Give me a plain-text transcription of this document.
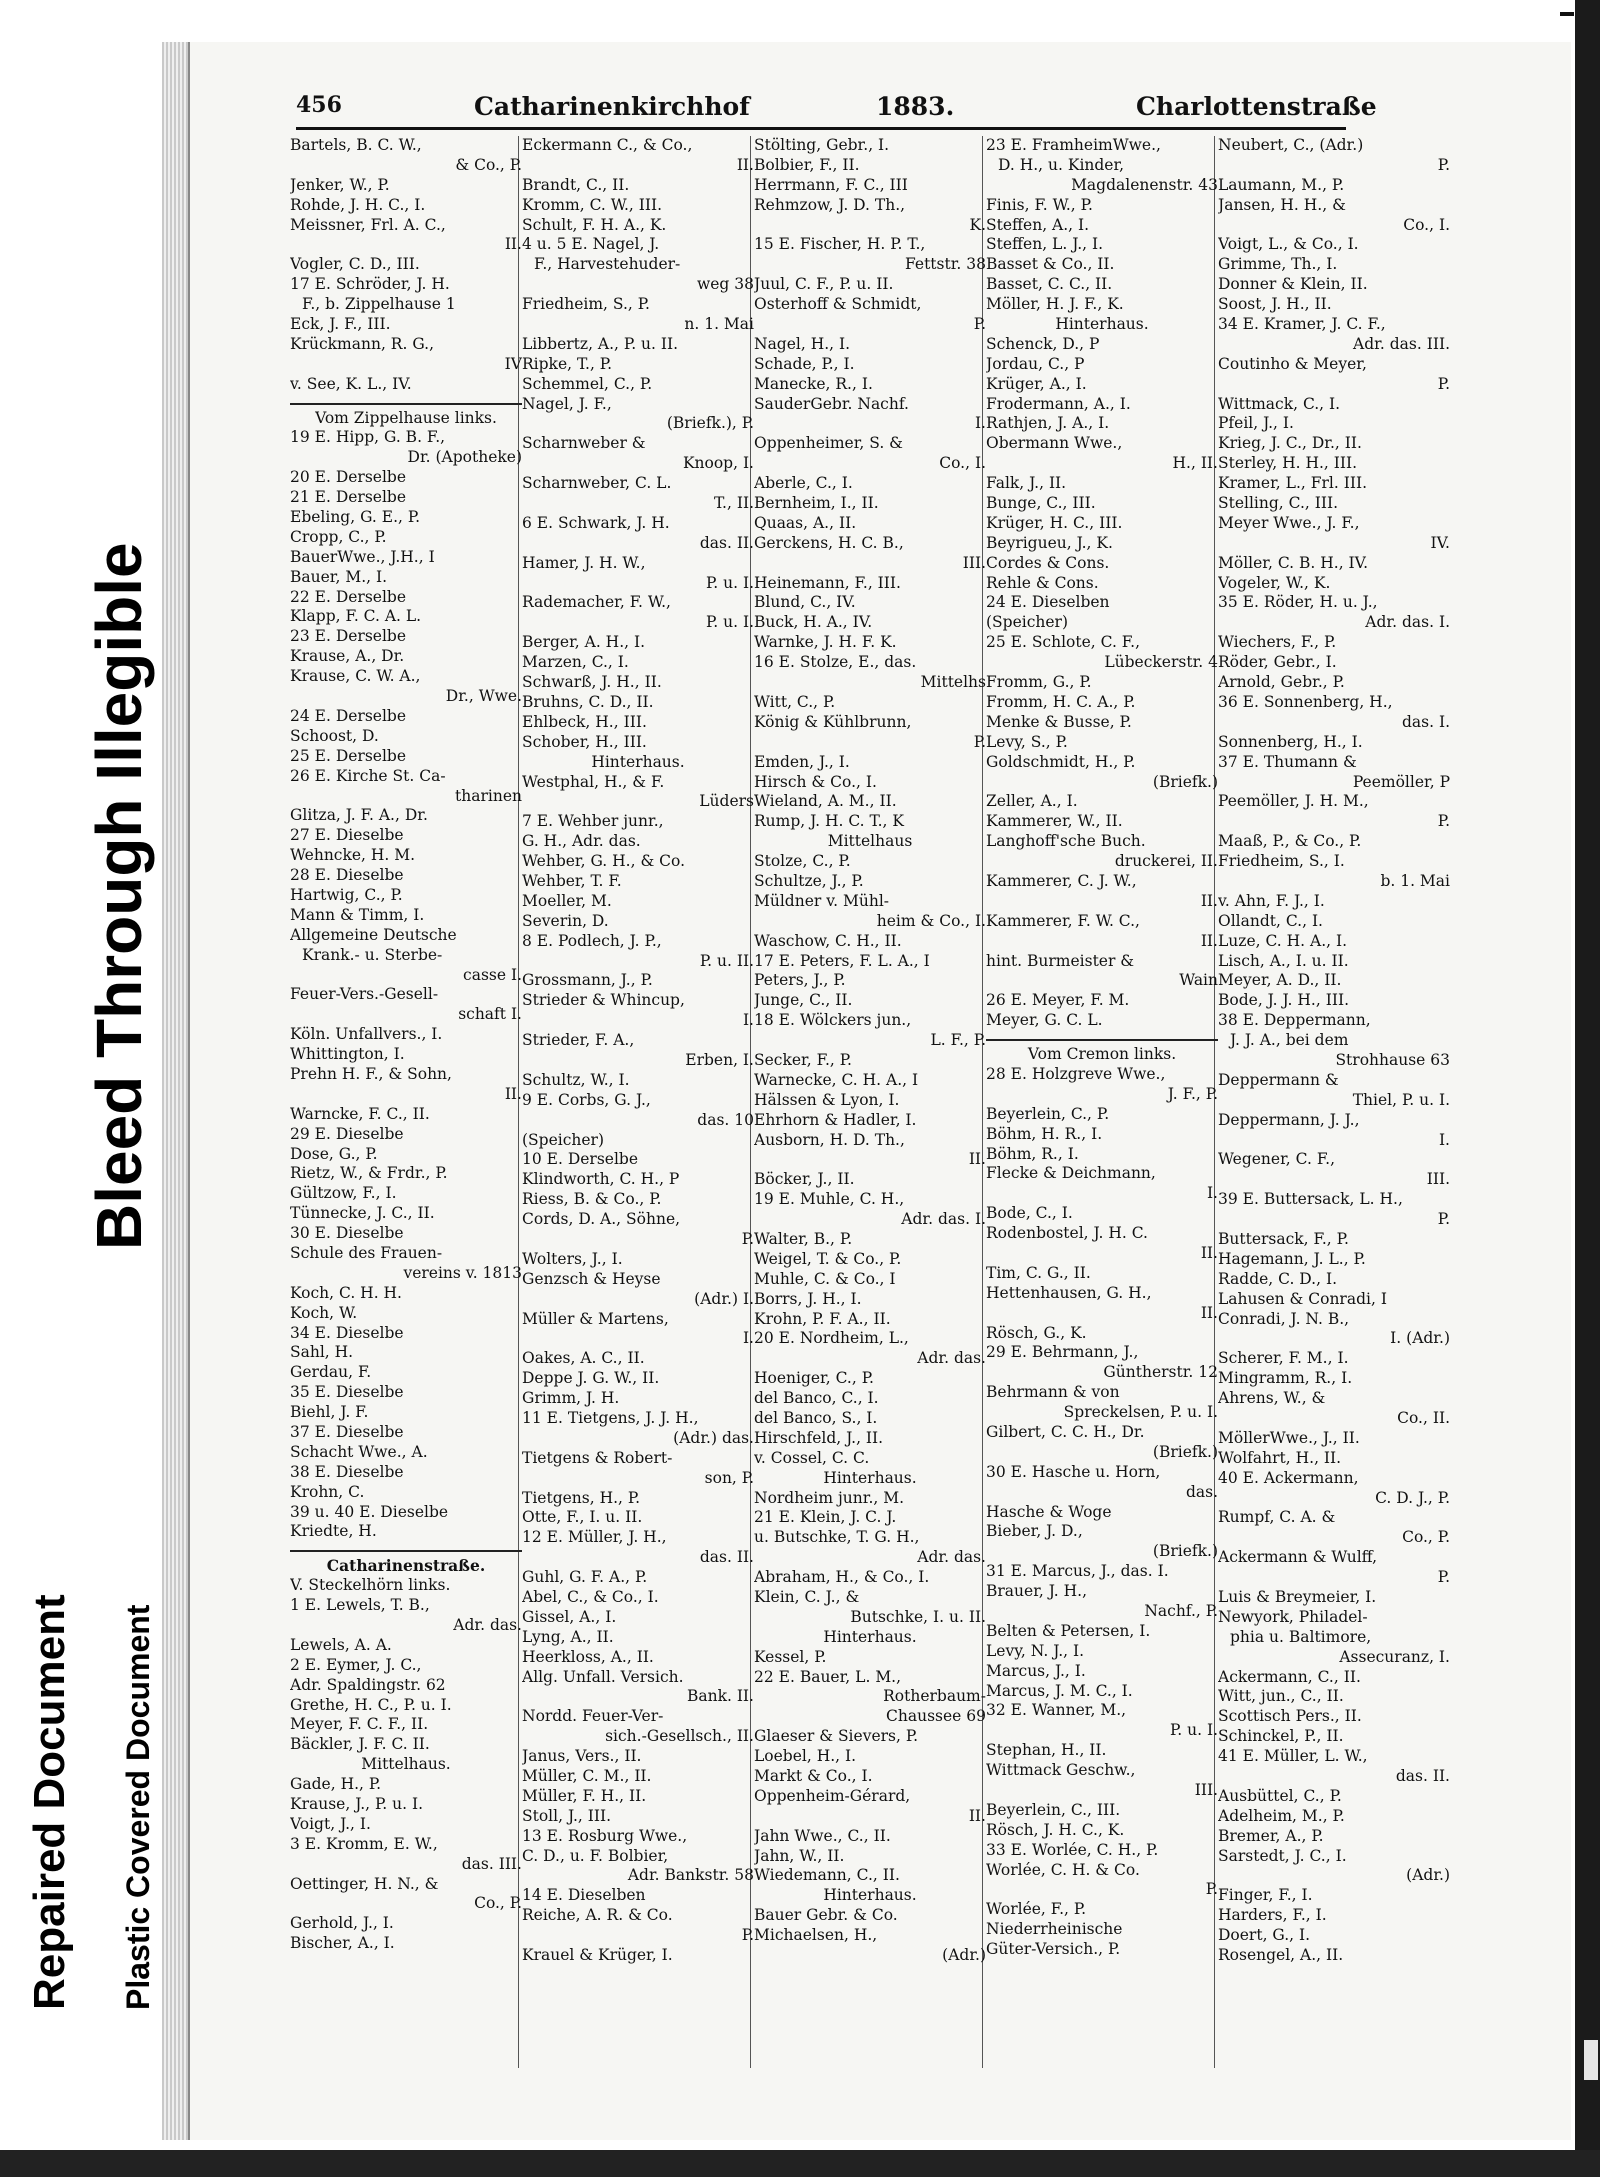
Bleed Through Illegible
Repaired Document Plastic Covered Document
456	Catharinenkirchhof	1883.	Charlottenstraße
Bartels, B. C. W.,
& Co., P.
Jenker, W., P.
Rohde, J. H. C., I.
Meissner, Frl. A. C.,
II.
Vogler, C. D., III.
17 E. Schröder, J. H.
F., b. Zippelhause 1
Eck, J. F., III.
Krückmann, R. G.,
IV
v. See, K. L., IV.
Vom Zippelhause links.
19 E. Hipp, G. B. F.,
Dr. (Apotheke)
20 E. Derselbe
21 E. Derselbe
Ebeling, G. E., P.
Cropp, C., P.
BauerWwe., J.H., I
Bauer, M., I.
22 E. Derselbe
Klapp, F. C. A. L.
23 E. Derselbe
Krause, A., Dr.
Krause, C. W. A.,
Dr., Wwe.
24 E. Derselbe
Schoost, D.
25 E. Derselbe
26 E. Kirche St. Ca-
tharinen
Glitza, J. F. A., Dr.
27 E. Dieselbe
Wehncke, H. M.
28 E. Dieselbe
Hartwig, C., P.
Mann & Timm, I.
Allgemeine Deutsche
Krank.- u. Sterbe-
casse I.
Feuer-Vers.-Gesell-
schaft I.
Köln. Unfallvers., I.
Whittington, I.
Prehn H. F., & Sohn,
II.
Warncke, F. C., II.
29 E. Dieselbe
Dose, G., P.
Rietz, W., & Frdr., P.
Gültzow, F., I.
Tünnecke, J. C., II.
30 E. Dieselbe
Schule des Frauen-
vereins v. 1813
Koch, C. H. H.
Koch, W.
34 E. Dieselbe
Sahl, H.
Gerdau, F.
35 E. Dieselbe
Biehl, J. F.
37 E. Dieselbe
Schacht Wwe., A.
38 E. Dieselbe
Krohn, C.
39 u. 40 E. Dieselbe
Kriedte, H.
Catharinenstraße.
V. Steckelhörn links.
1 E. Lewels, T. B.,
Adr. das.
Lewels, A. A.
2 E. Eymer, J. C.,
Adr. Spaldingstr. 62
Grethe, H. C., P. u. I.
Meyer, F. C. F., II.
Bäckler, J. F. C. II.
Mittelhaus.
Gade, H., P.
Krause, J., P. u. I.
Voigt, J., I.
3 E. Kromm, E. W.,
das. III.
Oettinger, H. N., &
Co., P.
Gerhold, J., I.
Bischer, A., I.
Eckermann C., & Co.,
II.
Brandt, C., II.
Kromm, C. W., III.
Schult, F. H. A., K.
4 u. 5 E. Nagel, J.
F., Harvestehuder-
weg 38
Friedheim, S., P.
n. 1. Mai
Libbertz, A., P. u. II.
Ripke, T., P.
Schemmel, C., P.
Nagel, J. F.,
(Briefk.), P.
Scharnweber &
Knoop, I.
Scharnweber, C. L.
T., II.
6 E. Schwark, J. H.
das. II.
Hamer, J. H. W.,
P. u. I.
Rademacher, F. W.,
P. u. I.
Berger, A. H., I.
Marzen, C., I.
Schwarß, J. H., II.
Bruhns, C. D., II.
Ehlbeck, H., III.
Schober, H., III.
Hinterhaus.
Westphal, H., & F.
Lüders
7 E. Wehber junr.,
G. H., Adr. das.
Wehber, G. H., & Co.
Wehber, T. F.
Moeller, M.
Severin, D.
8 E. Podlech, J. P.,
P. u. II.
Grossmann, J., P.
Strieder & Whincup,
I.
Strieder, F. A.,
Erben, I.
Schultz, W., I.
9 E. Corbs, G. J.,
das. 10
(Speicher)
10 E. Derselbe
Klindworth, C. H., P
Riess, B. & Co., P.
Cords, D. A., Söhne,
P.
Wolters, J., I.
Genzsch & Heyse
(Adr.) I.
Müller & Martens,
I.
Oakes, A. C., II.
Deppe J. G. W., II.
Grimm, J. H.
11 E. Tietgens, J. J. H.,
(Adr.) das.
Tietgens & Robert-
son, P.
Tietgens, H., P.
Otte, F., I. u. II.
12 E. Müller, J. H.,
das. II.
Guhl, G. F. A., P.
Abel, C., & Co., I.
Gissel, A., I.
Lyng, A., II.
Heerkloss, A., II.
Allg. Unfall. Versich.
Bank. II.
Nordd. Feuer-Ver-
sich.-Gesellsch., II.
Janus, Vers., II.
Müller, C. M., II.
Müller, F. H., II.
Stoll, J., III.
13 E. Rosburg Wwe.,
C. D., u. F. Bolbier,
Adr. Bankstr. 58
14 E. Dieselben
Reiche, A. R. & Co.
P.
Krauel & Krüger, I.
Stölting, Gebr., I.
Bolbier, F., II.
Herrmann, F. C., III
Rehmzow, J. D. Th.,
K.
15 E. Fischer, H. P. T.,
Fettstr. 38
Juul, C. F., P. u. II.
Osterhoff & Schmidt,
P.
Nagel, H., I.
Schade, P., I.
Manecke, R., I.
SauderGebr. Nachf.
I.
Oppenheimer, S. &
Co., I.
Aberle, C., I.
Bernheim, I., II.
Quaas, A., II.
Gerckens, H. C. B.,
III.
Heinemann, F., III.
Blund, C., IV.
Buck, H. A., IV.
Warnke, J. H. F. K.
16 E. Stolze, E., das.
Mittelhs
Witt, C., P.
König & Kühlbrunn,
P.
Emden, J., I.
Hirsch & Co., I.
Wieland, A. M., II.
Rump, J. H. C. T., K
Mittelhaus
Stolze, C., P.
Schultze, J., P.
Müldner v. Mühl-
heim & Co., I.
Waschow, C. H., II.
17 E. Peters, F. L. A., I
Peters, J., P.
Junge, C., II.
18 E. Wölckers jun.,
L. F., P.
Secker, F., P.
Warnecke, C. H. A., I
Hälssen & Lyon, I.
Ehrhorn & Hadler, I.
Ausborn, H. D. Th.,
II.
Böcker, J., II.
19 E. Muhle, C. H.,
Adr. das. I.
Walter, B., P.
Weigel, T. & Co., P.
Muhle, C. & Co., I
Borrs, J. H., I.
Krohn, P. F. A., II.
20 E. Nordheim, L.,
Adr. das.
Hoeniger, C., P.
del Banco, C., I.
del Banco, S., I.
Hirschfeld, J., II.
v. Cossel, C. C.
Hinterhaus.
Nordheim junr., M.
21 E. Klein, J. C. J.
u. Butschke, T. G. H.,
Adr. das.
Abraham, H., & Co., I.
Klein, C. J., &
Butschke, I. u. II.
Hinterhaus.
Kessel, P.
22 E. Bauer, L. M.,
Rotherbaum-
Chaussee 69
Glaeser & Sievers, P.
Loebel, H., I.
Markt & Co., I.
Oppenheim-Gérard,
II.
Jahn Wwe., C., II.
Jahn, W., II.
Wiedemann, C., II.
Hinterhaus.
Bauer Gebr. & Co.
Michaelsen, H.,
(Adr.)
23 E. FramheimWwe.,
D. H., u. Kinder,
Magdalenenstr. 43
Finis, F. W., P.
Steffen, A., I.
Steffen, L. J., I.
Basset & Co., II.
Basset, C. C., II.
Möller, H. J. F., K.
Hinterhaus.
Schenck, D., P
Jordau, C., P
Krüger, A., I.
Frodermann, A., I.
Rathjen, J. A., I.
Obermann Wwe.,
H., II.
Falk, J., II.
Bunge, C., III.
Krüger, H. C., III.
Beyrigueu, J., K.
Cordes & Cons.
Rehle & Cons.
24 E. Dieselben
(Speicher)
25 E. Schlote, C. F.,
Lübeckerstr. 4
Fromm, G., P.
Fromm, H. C. A., P.
Menke & Busse, P.
Levy, S., P.
Goldschmidt, H., P.
(Briefk.)
Zeller, A., I.
Kammerer, W., II.
Langhoff'sche Buch.
druckerei, II.
Kammerer, C. J. W.,
II.
Kammerer, F. W. C.,
II.
hint. Burmeister &
Wain
26 E. Meyer, F. M.
Meyer, G. C. L.
Vom Cremon links.
28 E. Holzgreve Wwe.,
J. F., P.
Beyerlein, C., P.
Böhm, H. R., I.
Böhm, R., I.
Flecke & Deichmann,
I.
Bode, C., I.
Rodenbostel, J. H. C.
II.
Tim, C. G., II.
Hettenhausen, G. H.,
II.
Rösch, G., K.
29 E. Behrmann, J.,
Güntherstr. 12
Behrmann & von
Spreckelsen, P. u. I.
Gilbert, C. C. H., Dr.
(Briefk.)
30 E. Hasche u. Horn,
das.
Hasche & Woge
Bieber, J. D.,
(Briefk.)
31 E. Marcus, J., das. I.
Brauer, J. H.,
Nachf., P.
Belten & Petersen, I.
Levy, N. J., I.
Marcus, J., I.
Marcus, J. M. C., I.
32 E. Wanner, M.,
P. u. I.
Stephan, H., II.
Wittmack Geschw.,
III.
Beyerlein, C., III.
Rösch, J. H. C., K.
33 E. Worlée, C. H., P.
Worlée, C. H. & Co.
P.
Worlée, F., P.
Niederrheinische
Güter-Versich., P.
Neubert, C., (Adr.)
P.
Laumann, M., P.
Jansen, H. H., &
Co., I.
Voigt, L., & Co., I.
Grimme, Th., I.
Donner & Klein, II.
Soost, J. H., II.
34 E. Kramer, J. C. F.,
Adr. das. III.
Coutinho & Meyer,
P.
Wittmack, C., I.
Pfeil, J., I.
Krieg, J. C., Dr., II.
Sterley, H. H., III.
Kramer, L., Frl. III.
Stelling, C., III.
Meyer Wwe., J. F.,
IV.
Möller, C. B. H., IV.
Vogeler, W., K.
35 E. Röder, H. u. J.,
Adr. das. I.
Wiechers, F., P.
Röder, Gebr., I.
Arnold, Gebr., P.
36 E. Sonnenberg, H.,
das. I.
Sonnenberg, H., I.
37 E. Thumann &
Peemöller, P
Peemöller, J. H. M.,
P.
Maaß, P., & Co., P.
Friedheim, S., I.
b. 1. Mai
v. Ahn, F. J., I.
Ollandt, C., I.
Luze, C. H. A., I.
Lisch, A., I. u. II.
Meyer, A. D., II.
Bode, J. J. H., III.
38 E. Deppermann,
J. J. A., bei dem
Strohhause 63
Deppermann &
Thiel, P. u. I.
Deppermann, J. J.,
I.
Wegener, C. F.,
III.
39 E. Buttersack, L. H.,
P.
Buttersack, F., P.
Hagemann, J. L., P.
Radde, C. D., I.
Lahusen & Conradi, I
Conradi, J. N. B.,
I. (Adr.)
Scherer, F. M., I.
Mingramm, R., I.
Ahrens, W., &
Co., II.
MöllerWwe., J., II.
Wolfahrt, H., II.
40 E. Ackermann,
C. D. J., P.
Rumpf, C. A. &
Co., P.
Ackermann & Wulff,
P.
Luis & Breymeier, I.
Newyork, Philadel-
phia u. Baltimore,
Assecuranz, I.
Ackermann, C., II.
Witt, jun., C., II.
Scottisch Pers., II.
Schinckel, P., II.
41 E. Müller, L. W.,
das. II.
Ausbüttel, C., P.
Adelheim, M., P.
Bremer, A., P.
Sarstedt, J. C., I.
(Adr.)
Finger, F., I.
Harders, F., I.
Doert, G., I.
Rosengel, A., II.
